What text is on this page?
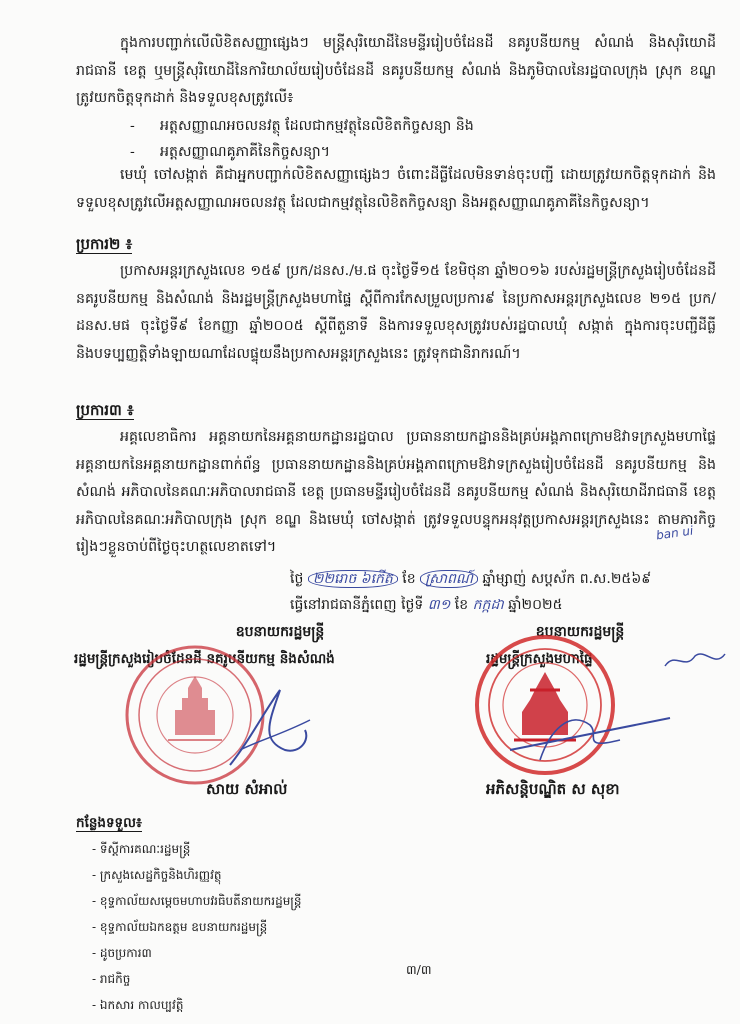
ក្នុងការបញ្ជាក់លើលិខិតសញ្ញាផ្សេងៗ មន្ត្រីសុរិយោដីនៃមន្ទីររៀបចំដែនដី នគរូបនីយកម្ម សំណង់ និងសុរិយោដីរាជធានី ខេត្ត ឬមន្ត្រីសុរិយោដីនៃការិយាល័យរៀបចំដែនដី នគរូបនីយកម្ម សំណង់ និងភូមិបាលនៃរដ្ឋបាលក្រុង ស្រុក ខណ្ឌ ត្រូវយកចិត្តទុកដាក់ និងទទួលខុសត្រូវលើ៖

- អត្តសញ្ញាណអចលនវត្ថុ ដែលជាកម្មវត្ថុនៃលិខិតកិច្ចសន្យា និង
- អត្តសញ្ញាណគូភាគីនៃកិច្ចសន្យា។

មេឃុំ ចៅសង្កាត់ គឺជាអ្នកបញ្ជាក់លិខិតសញ្ញាផ្សេងៗ ចំពោះដីធ្លីដែលមិនទាន់ចុះបញ្ជី ដោយត្រូវយកចិត្តទុកដាក់ និងទទួលខុសត្រូវលើអត្តសញ្ញាណអចលនវត្ថុ ដែលជាកម្មវត្ថុនៃលិខិតកិច្ចសន្យា និងអត្តសញ្ញាណគូភាគីនៃកិច្ចសន្យា។

ប្រការ២ ៖

ប្រកាសអន្តរក្រសួងលេខ ១៥៩ ប្រក/ដនស./ម.ផ ចុះថ្ងៃទី១៥ ខែមិថុនា ឆ្នាំ២០១៦ របស់រដ្ឋមន្ត្រីក្រសួងរៀបចំដែនដី នគរូបនីយកម្ម និងសំណង់ និងរដ្ឋមន្ត្រីក្រសួងមហាផ្ទៃ ស្តីពីការកែសម្រួលប្រការ៩ នៃប្រកាសអន្តរក្រសួងលេខ ២១៥ ប្រក/ដនស.មផ ចុះថ្ងៃទី៩ ខែកញ្ញា ឆ្នាំ២០០៥ ស្តីពីតួនាទី និងការទទួលខុសត្រូវរបស់រដ្ឋបាលឃុំ សង្កាត់ ក្នុងការចុះបញ្ជីដីធ្លី និងបទប្បញ្ញត្តិទាំងឡាយណាដែលផ្ទុយនឹងប្រកាសអន្តរក្រសួងនេះ ត្រូវទុកជានិរាករណ៍។

ប្រការ៣ ៖

អគ្គលេខាធិការ អគ្គនាយកនៃអគ្គនាយកដ្ឋានរដ្ឋបាល ប្រធាននាយកដ្ឋាននិងគ្រប់អង្គភាពក្រោមឱវាទក្រសួងមហាផ្ទៃ អគ្គនាយកនៃអគ្គនាយកដ្ឋានពាក់ព័ន្ធ ប្រធាននាយកដ្ឋាននិងគ្រប់អង្គភាពក្រោមឱវាទក្រសួងរៀបចំដែនដី នគរូបនីយកម្ម និងសំណង់ អភិបាលនៃគណៈអភិបាលរាជធានី ខេត្ត ប្រធានមន្ទីររៀបចំដែនដី នគរូបនីយកម្ម សំណង់ និងសុរិយោដីរាជធានី ខេត្ត អភិបាលនៃគណៈអភិបាលក្រុង ស្រុក ខណ្ឌ និងមេឃុំ ចៅសង្កាត់ ត្រូវទទួលបន្ទុកអនុវត្តប្រកាសអន្តរក្រសួងនេះ តាមភារកិច្ចរៀងៗខ្លួនចាប់ពីថ្ងៃចុះហត្ថលេខាតទៅ។

ban ui
ថ្ងៃ ២២រោច ៦កើត ខែ ស្រាពណ៍ ឆ្នាំម្សាញ់ សប្តស័ក ព.ស.២៥៦៩
ធ្វើនៅរាជធានីភ្នំពេញ ថ្ងៃទី ៣១ ខែ កក្កដា ឆ្នាំ២០២៥
ឧបនាយករដ្ឋមន្ត្រី	ឧបនាយករដ្ឋមន្ត្រី
រដ្ឋមន្ត្រីក្រសួងរៀបចំដែនដី នគរូបនីយកម្ម និងសំណង់	រដ្ឋមន្ត្រីក្រសួងមហាផ្ទៃ
សាយ សំអាល់	អភិសន្តិបណ្ឌិត ស សុខា
កន្លែងទទួល៖
- ទីស្តីការគណៈរដ្ឋមន្ត្រី
- ក្រសួងសេដ្ឋកិច្ចនិងហិរញ្ញវត្ថុ
- ខុទ្ទកាល័យសម្តេចមហាបវរធិបតីនាយករដ្ឋមន្ត្រី
- ខុទ្ទកាល័យឯកឧត្តម ឧបនាយករដ្ឋមន្ត្រី
- ដូចប្រការ៣
- រាជកិច្ច
- ឯកសារ កាលប្បវត្តិ
៣/៣
